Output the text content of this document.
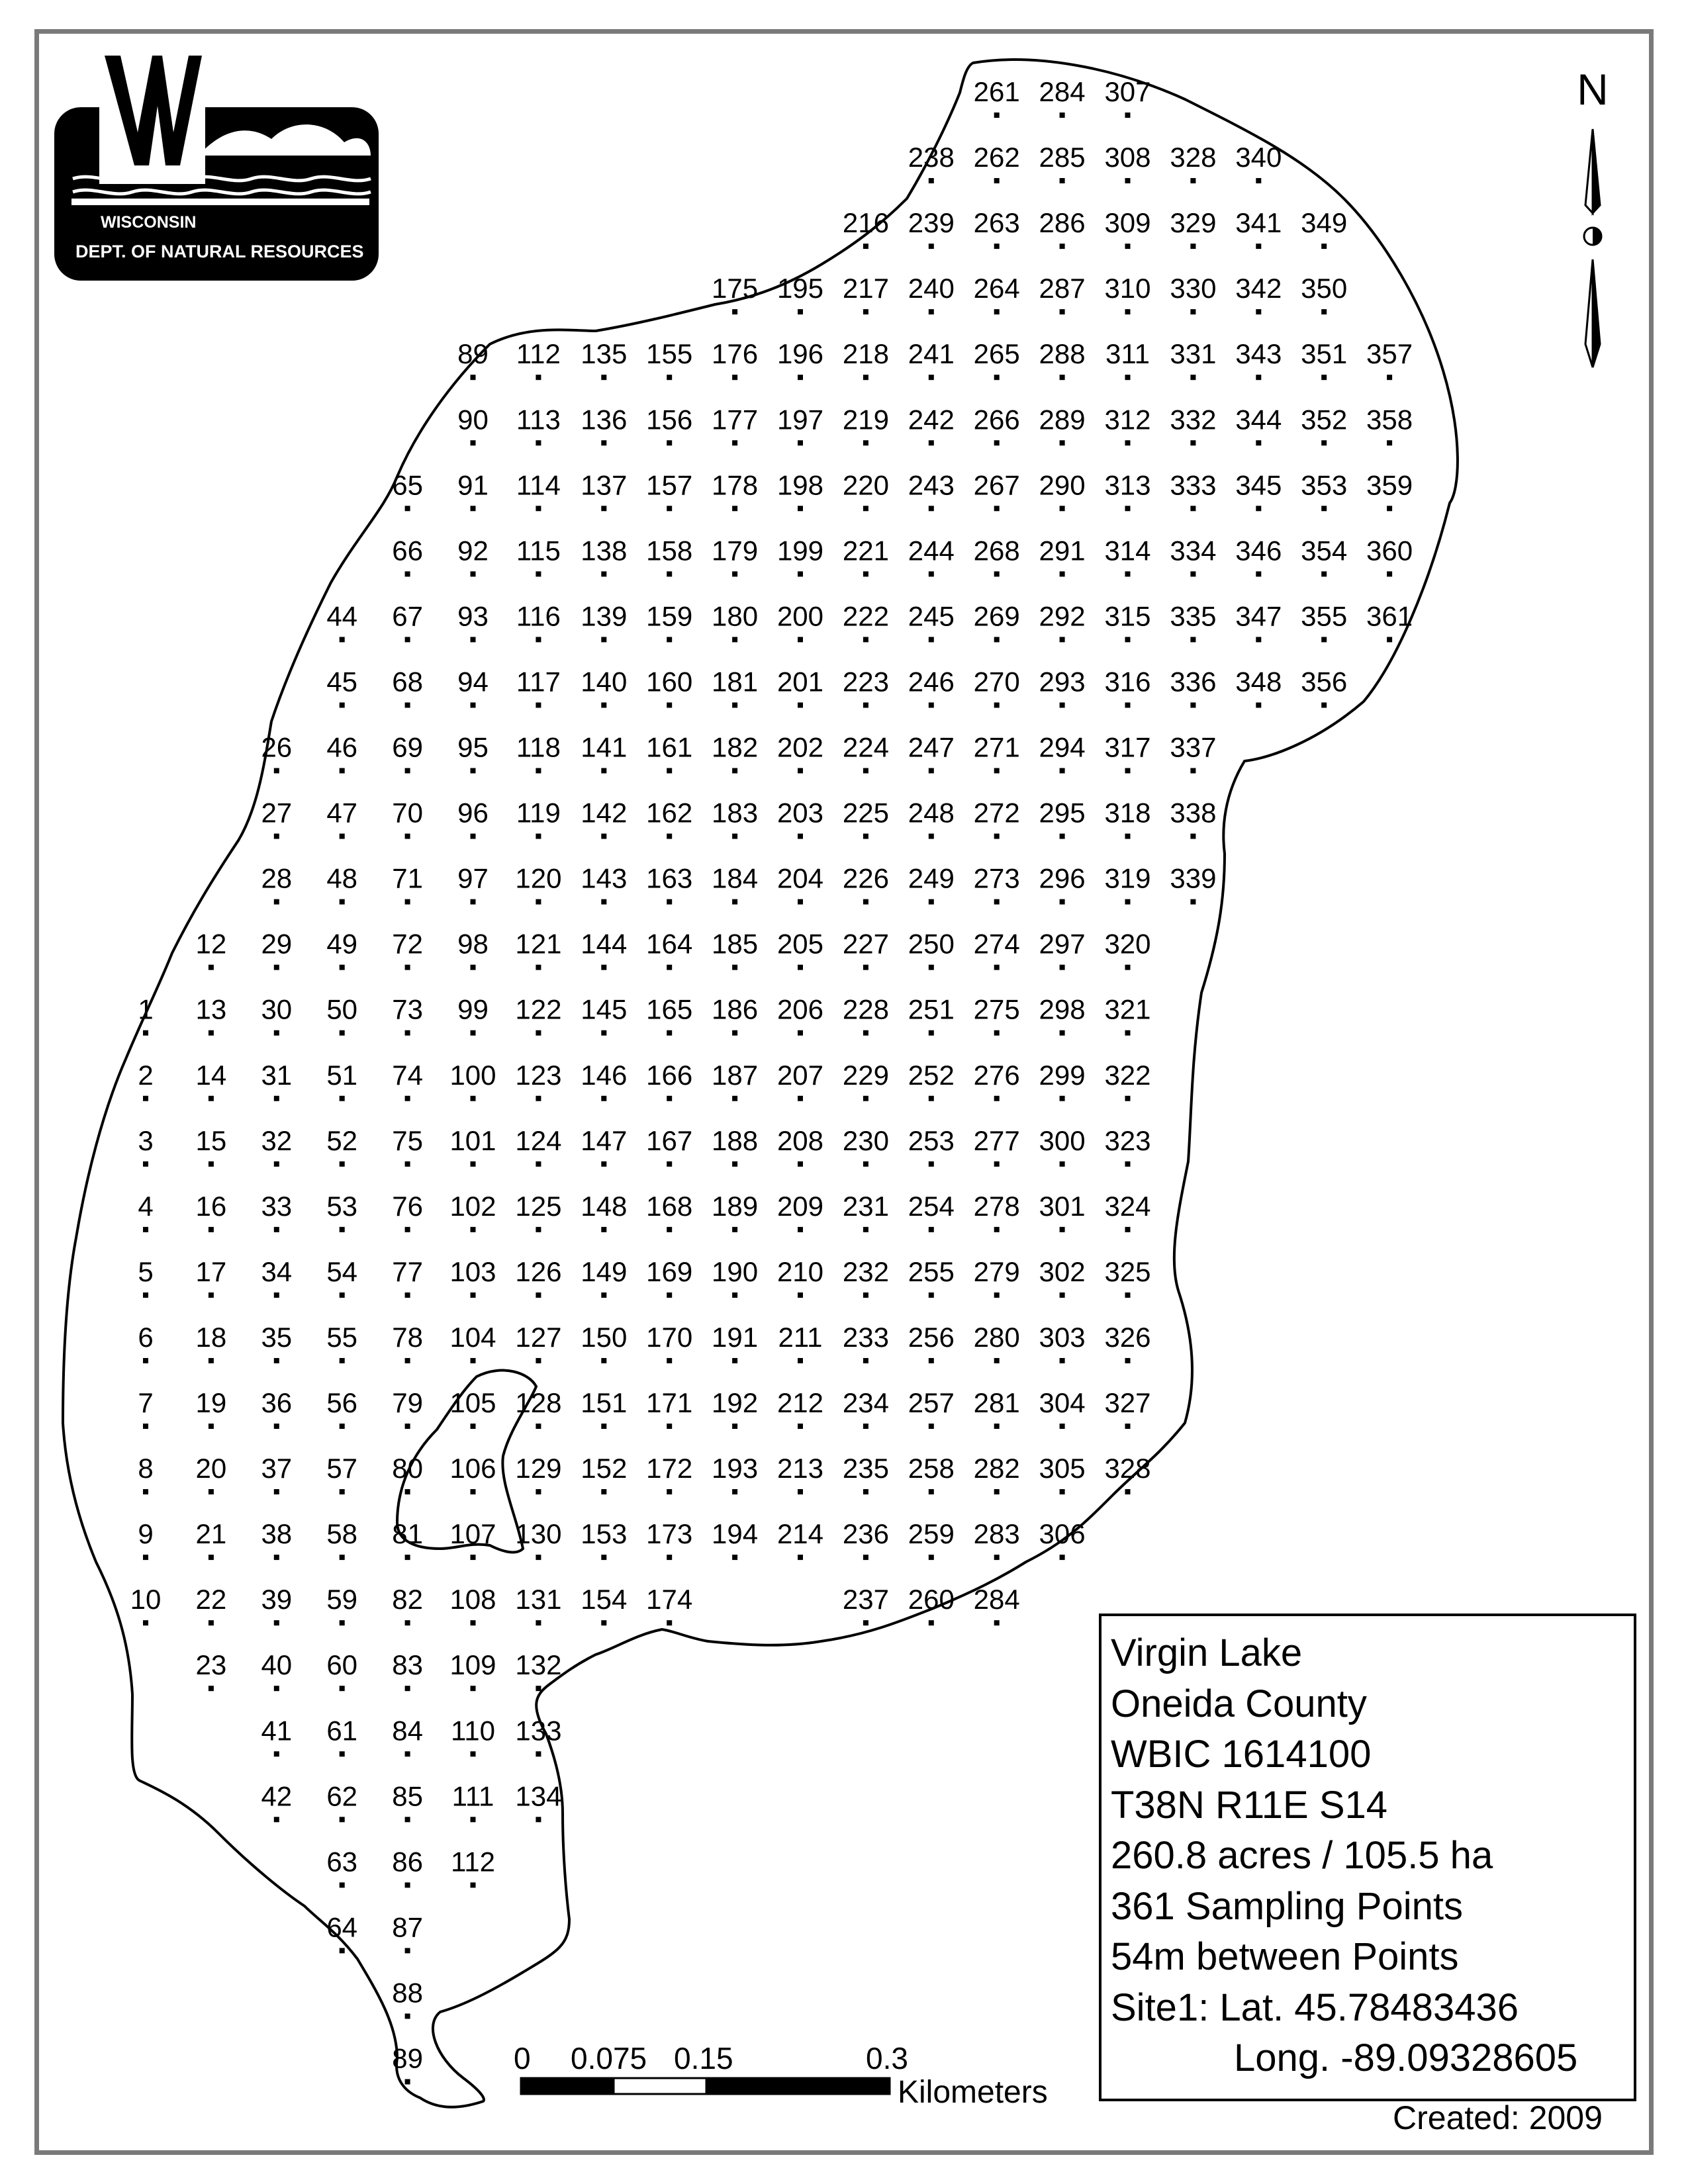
1
2
3
4
5
6
7
8
9
10
12
13
14
15
16
17
18
19
20
21
22
23
26
27
28
29
30
31
32
33
34
35
36
37
38
39
40
41
42
44
45
46
47
48
49
50
51
52
53
54
55
56
57
58
59
60
61
62
63
64
65
66
67
68
69
70
71
72
73
74
75
76
77
78
79
80
81
82
83
84
85
86
87
88
89
89
90
91
92
93
94
95
96
97
98
99
100
101
102
103
104
105
106
107
108
109
110
111
112
112
113
114
115
116
117
118
119
120
121
122
123
124
125
126
127
128
129
130
131
132
133
134
135
136
137
138
139
140
141
142
143
144
145
146
147
148
149
150
151
152
153
154
155
156
157
158
159
160
161
162
163
164
165
166
167
168
169
170
171
172
173
174
175
176
177
178
179
180
181
182
183
184
185
186
187
188
189
190
191
192
193
194
195
196
197
198
199
200
201
202
203
204
205
206
207
208
209
210
211
212
213
214
216
217
218
219
220
221
222
223
224
225
226
227
228
229
230
231
232
233
234
235
236
237
238
239
240
241
242
243
244
245
246
247
248
249
250
251
252
253
254
255
256
257
258
259
260
261
262
263
264
265
266
267
268
269
270
271
272
273
274
275
276
277
278
279
280
281
282
283
284
284
285
286
287
288
289
290
291
292
293
294
295
296
297
298
299
300
301
302
303
304
305
306
307
308
309
310
311
312
313
314
315
316
317
318
319
320
321
322
323
324
325
326
327
328
328
329
330
331
332
333
334
335
336
337
338
339
340
341
342
343
344
345
346
347
348
349
350
351
352
353
354
355
356
357
358
359
360
361
WISCONSIN
DEPT. OF NATURAL RESOURCES
N
0 0.075 0.15	0.3
Kilometers
Virgin Lake
Oneida County
WBIC 1614100
T38N R11E S14
260.8 acres / 105.5 ha
361 Sampling Points
54m between Points
Site1: Lat. 45.78483436
Long. -89.09328605
Created: 2009
